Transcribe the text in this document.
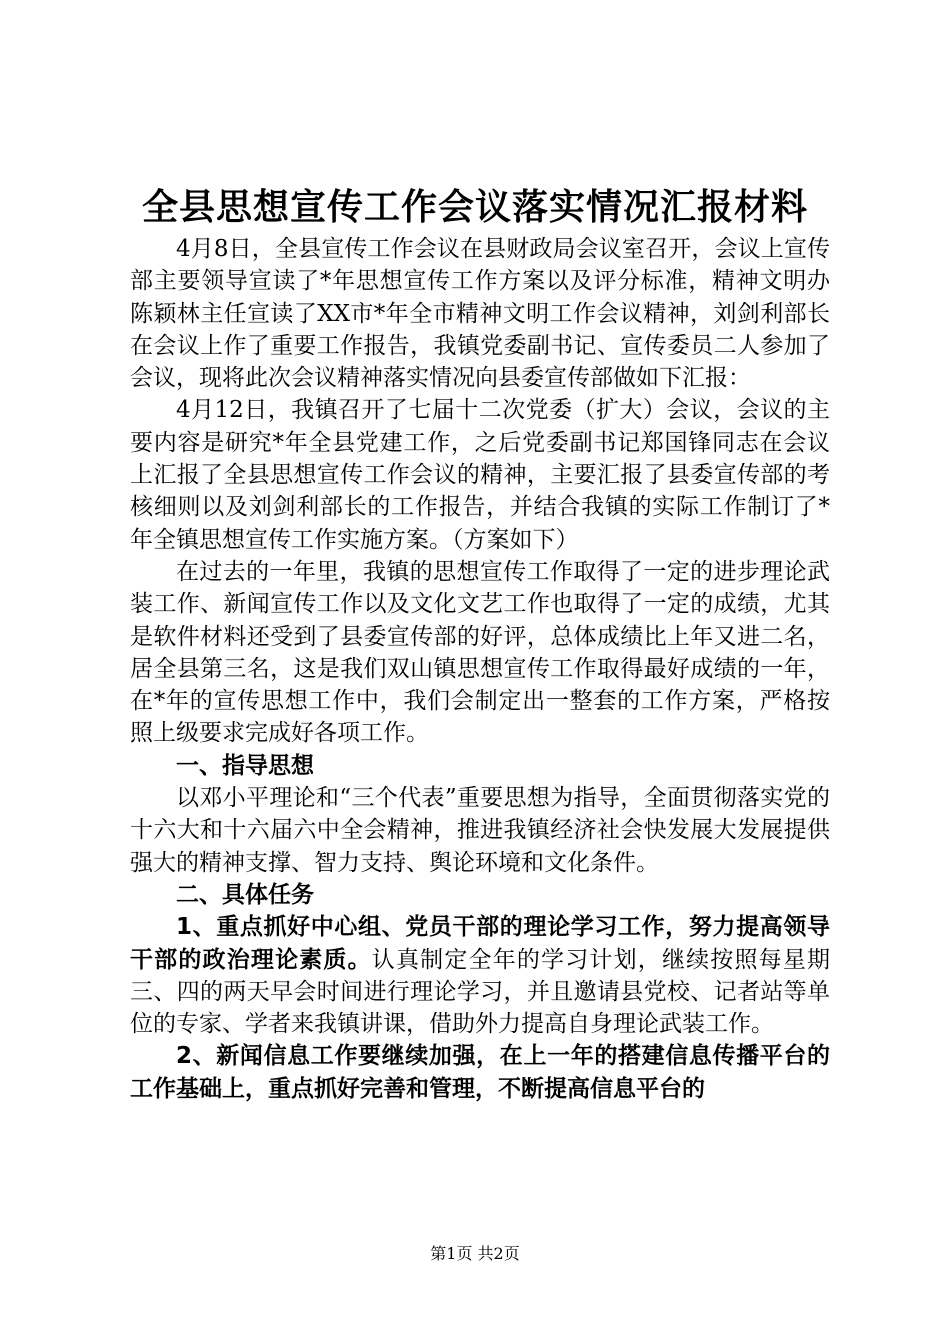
全县思想宣传工作会议落实情况汇报材料

4月8日，全县宣传工作会议在县财政局会议室召开，会议上宣传部主要领导宣读了*年思想宣传工作方案以及评分标准，精神文明办陈颖林主任宣读了XX市*年全市精神文明工作会议精神，刘剑利部长在会议上作了重要工作报告，我镇党委副书记、宣传委员二人参加了会议，现将此次会议精神落实情况向县委宣传部做如下汇报：

4月12日，我镇召开了七届十二次党委（扩大）会议，会议的主要内容是研究*年全县党建工作，之后党委副书记郑国锋同志在会议上汇报了全县思想宣传工作会议的精神，主要汇报了县委宣传部的考核细则以及刘剑利部长的工作报告，并结合我镇的实际工作制订了*年全镇思想宣传工作实施方案。（方案如下）

在过去的一年里，我镇的思想宣传工作取得了一定的进步理论武装工作、新闻宣传工作以及文化文艺工作也取得了一定的成绩，尤其是软件材料还受到了县委宣传部的好评，总体成绩比上年又进二名，居全县第三名，这是我们双山镇思想宣传工作取得最好成绩的一年，在*年的宣传思想工作中，我们会制定出一整套的工作方案，严格按照上级要求完成好各项工作。

一、指导思想

以邓小平理论和“三个代表”重要思想为指导，全面贯彻落实党的十六大和十六届六中全会精神，推进我镇经济社会快发展大发展提供强大的精神支撑、智力支持、舆论环境和文化条件。

二、具体任务

1、重点抓好中心组、党员干部的理论学习工作，努力提高领导干部的政治理论素质。认真制定全年的学习计划，继续按照每星期三、四的两天早会时间进行理论学习，并且邀请县党校、记者站等单位的专家、学者来我镇讲课，借助外力提高自身理论武装工作。

2、新闻信息工作要继续加强，在上一年的搭建信息传播平台的工作基础上，重点抓好完善和管理，不断提高信息平台的

第1页 共2页
